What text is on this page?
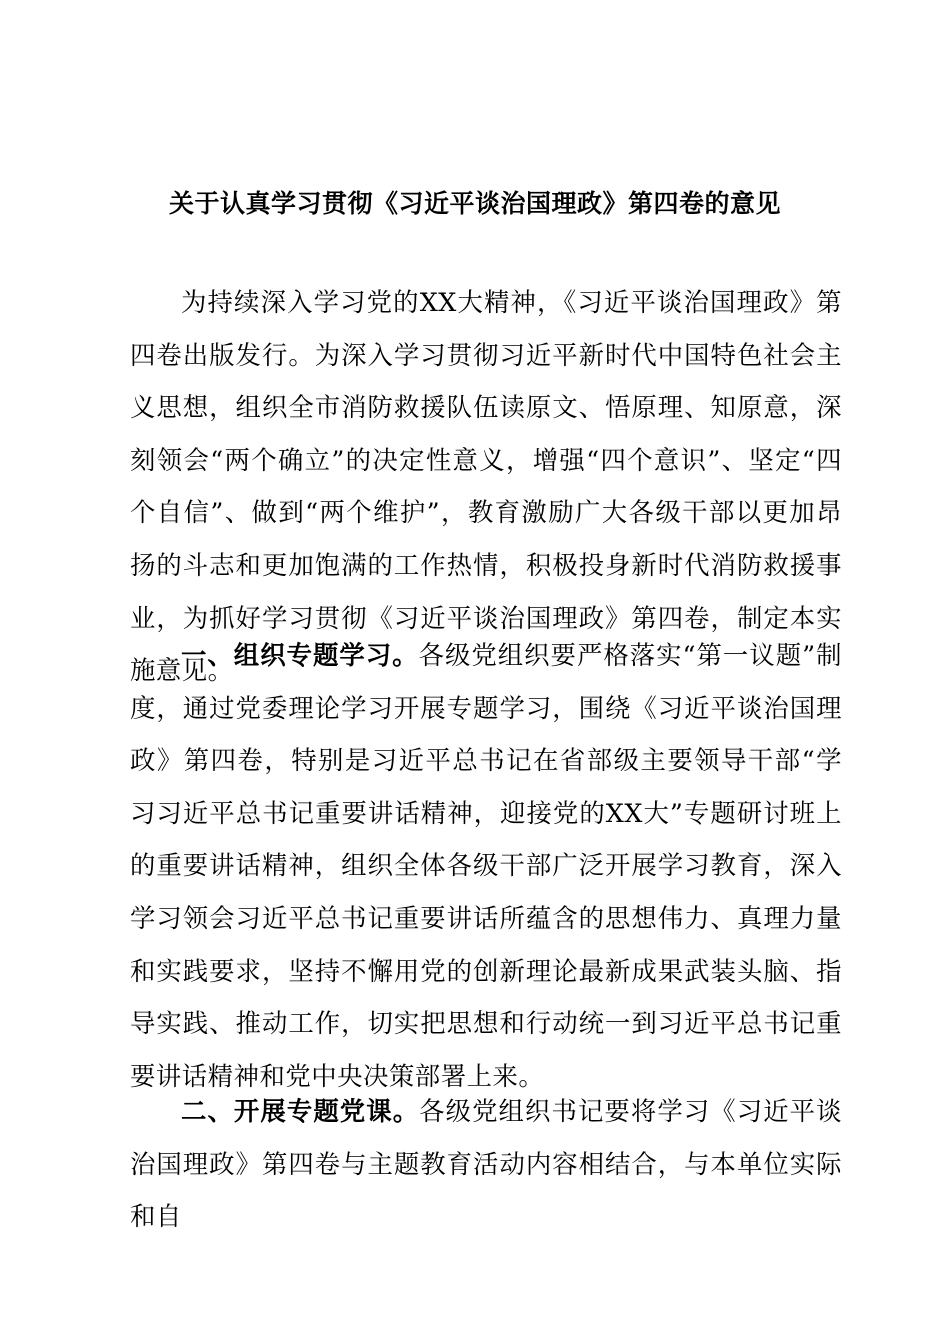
关于认真学习贯彻《习近平谈治国理政》第四卷的意见

为持续深入学习党的XX大精神，《习近平谈治国理政》第四卷出版发行。为深入学习贯彻习近平新时代中国特色社会主义思想，组织全市消防救援队伍读原文、悟原理、知原意，深刻领会“两个确立”的决定性意义，增强“四个意识”、坚定“四个自信”、做到“两个维护”，教育激励广大各级干部以更加昂扬的斗志和更加饱满的工作热情，积极投身新时代消防救援事业，为抓好学习贯彻《习近平谈治国理政》第四卷，制定本实施意见。

一、组织专题学习。各级党组织要严格落实“第一议题”制度，通过党委理论学习开展专题学习，围绕《习近平谈治国理政》第四卷，特别是习近平总书记在省部级主要领导干部“学习习近平总书记重要讲话精神，迎接党的XX大”专题研讨班上的重要讲话精神，组织全体各级干部广泛开展学习教育，深入学习领会习近平总书记重要讲话所蕴含的思想伟力、真理力量和实践要求，坚持不懈用党的创新理论最新成果武装头脑、指导实践、推动工作，切实把思想和行动统一到习近平总书记重要讲话精神和党中央决策部署上来。

二、开展专题党课。各级党组织书记要将学习《习近平谈治国理政》第四卷与主题教育活动内容相结合，与本单位实际和自
